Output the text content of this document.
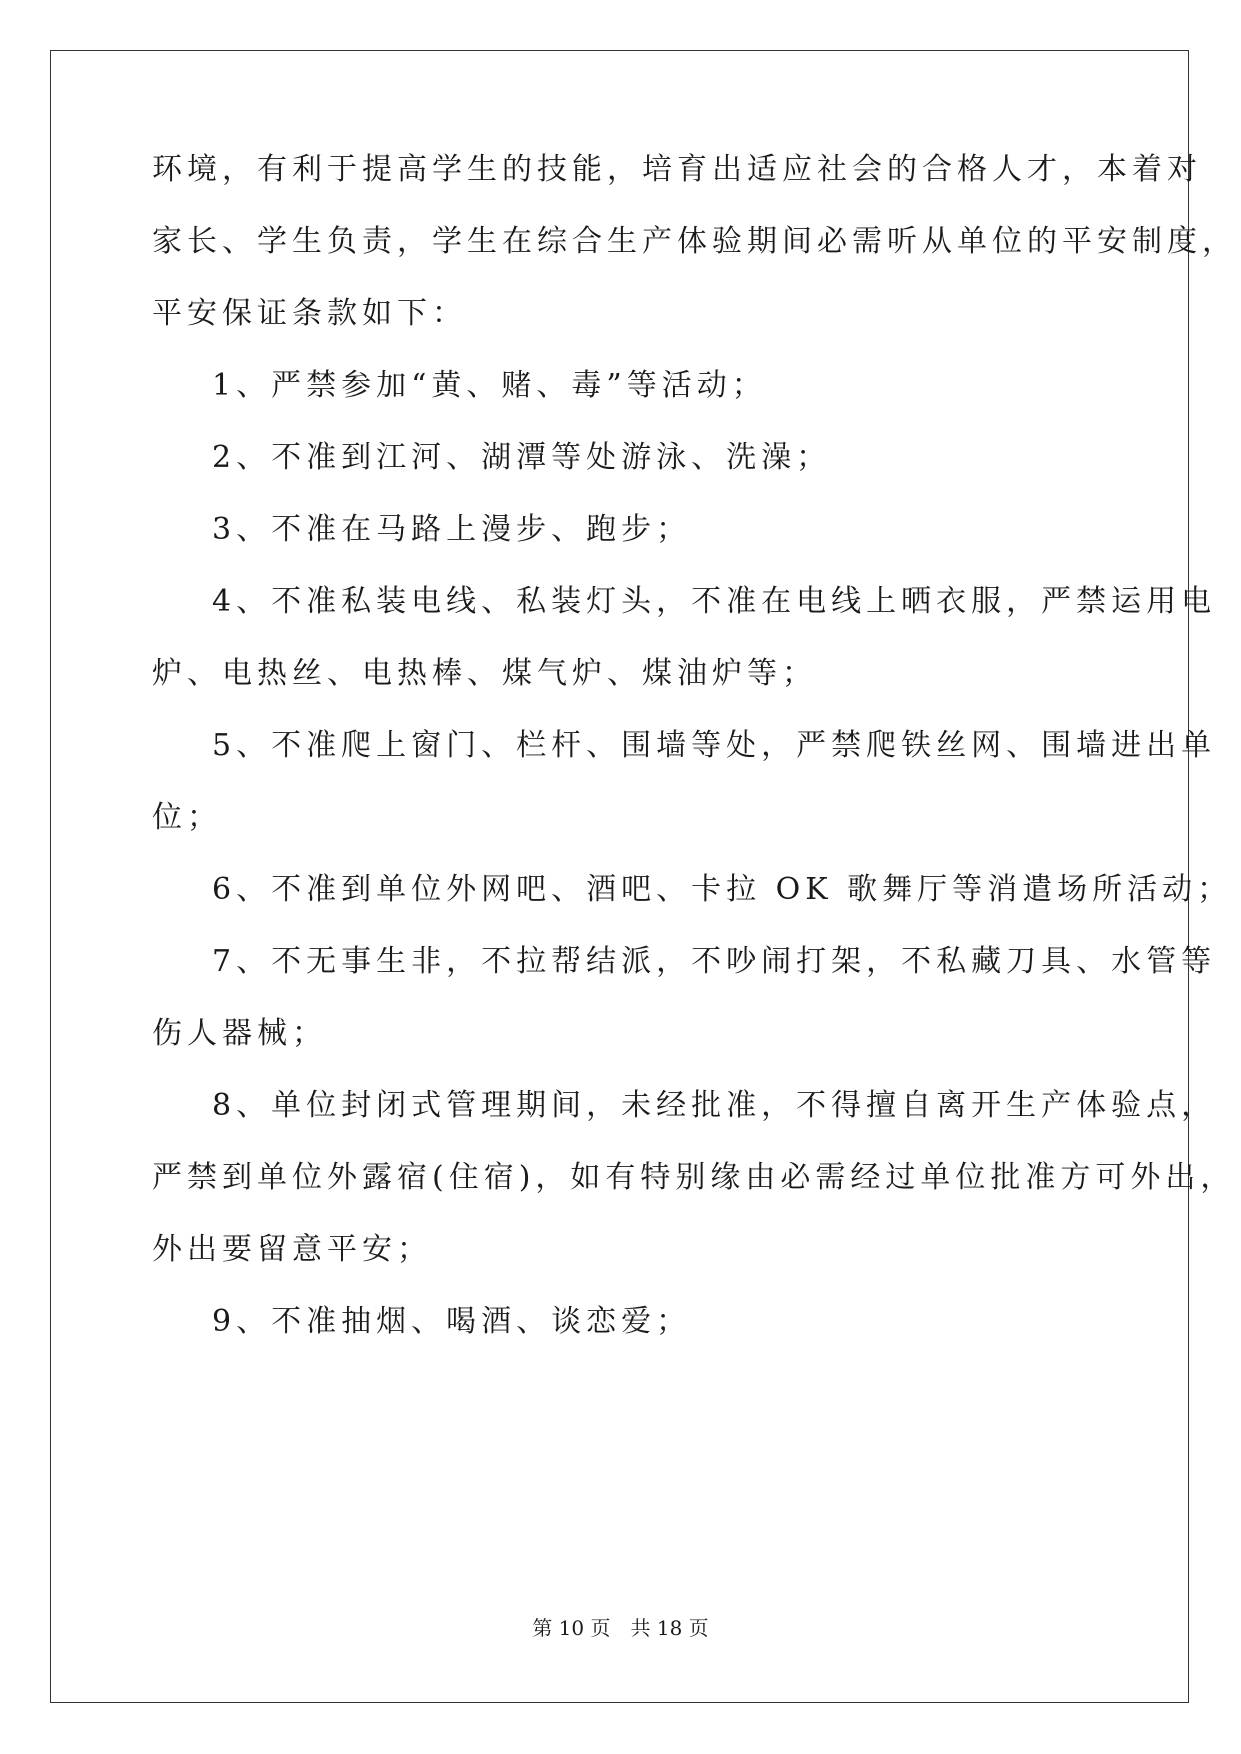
环境，有利于提高学生的技能，培育出适应社会的合格人才，本着对
家长、学生负责，学生在综合生产体验期间必需听从单位的平安制度，
平安保证条款如下：
1、严禁参加“黄、赌、毒”等活动；
2、不准到江河、湖潭等处游泳、洗澡；
3、不准在马路上漫步、跑步；
4、不准私装电线、私装灯头，不准在电线上晒衣服，严禁运用电
炉、电热丝、电热棒、煤气炉、煤油炉等；
5、不准爬上窗门、栏杆、围墙等处，严禁爬铁丝网、围墙进出单
位；
6、不准到单位外网吧、酒吧、卡拉 OK 歌舞厅等消遣场所活动；
7、不无事生非，不拉帮结派，不吵闹打架，不私藏刀具、水管等
伤人器械；
8、单位封闭式管理期间，未经批准，不得擅自离开生产体验点，
严禁到单位外露宿(住宿)，如有特别缘由必需经过单位批准方可外出，
外出要留意平安；
9、不准抽烟、喝酒、谈恋爱；
第 10 页　共 18 页
